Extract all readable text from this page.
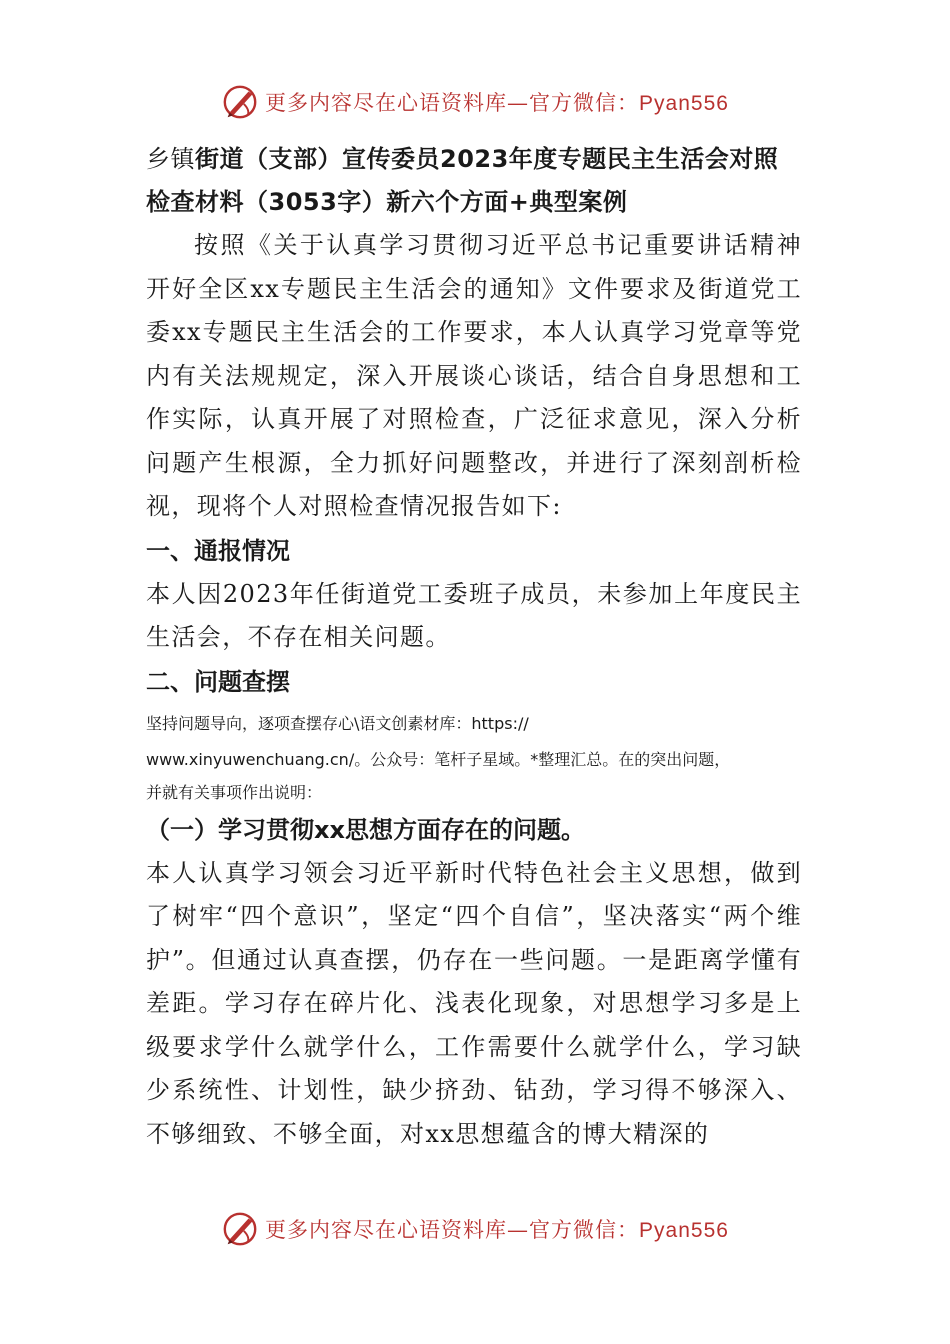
更多内容尽在心语资料库—官方微信：Pyan556

乡镇街道（支部）宣传委员2023年度专题民主生活会对照检查材料（3053字）新六个方面+典型案例

按照《关于认真学习贯彻习近平总书记重要讲话精神开好全区xx专题民主生活会的通知》文件要求及街道党工委xx专题民主生活会的工作要求，本人认真学习党章等党内有关法规规定，深入开展谈心谈话，结合自身思想和工作实际，认真开展了对照检查，广泛征求意见，深入分析问题产生根源，全力抓好问题整改，并进行了深刻剖析检视，现将个人对照检查情况报告如下:

一、通报情况

本人因2023年任街道党工委班子成员，未参加上年度民主生活会，不存在相关问题。

二、问题查摆

坚持问题导向，逐项查摆存心\语文创素材库：https://
www.xinyuwenchuang.cn/。公众号：笔杆子星域。*整理汇总。在的突出问题，
并就有关事项作出说明：

（一）学习贯彻xx思想方面存在的问题。

本人认真学习领会习近平新时代特色社会主义思想，做到了树牢“四个意识”，坚定“四个自信”，坚决落实“两个维护”。但通过认真查摆，仍存在一些问题。一是距离学懂有差距。学习存在碎片化、浅表化现象，对思想学习多是上级要求学什么就学什么，工作需要什么就学什么，学习缺少系统性、计划性，缺少挤劲、钻劲，学习得不够深入、不够细致、不够全面，对xx思想蕴含的博大精深的

更多内容尽在心语资料库—官方微信：Pyan556
